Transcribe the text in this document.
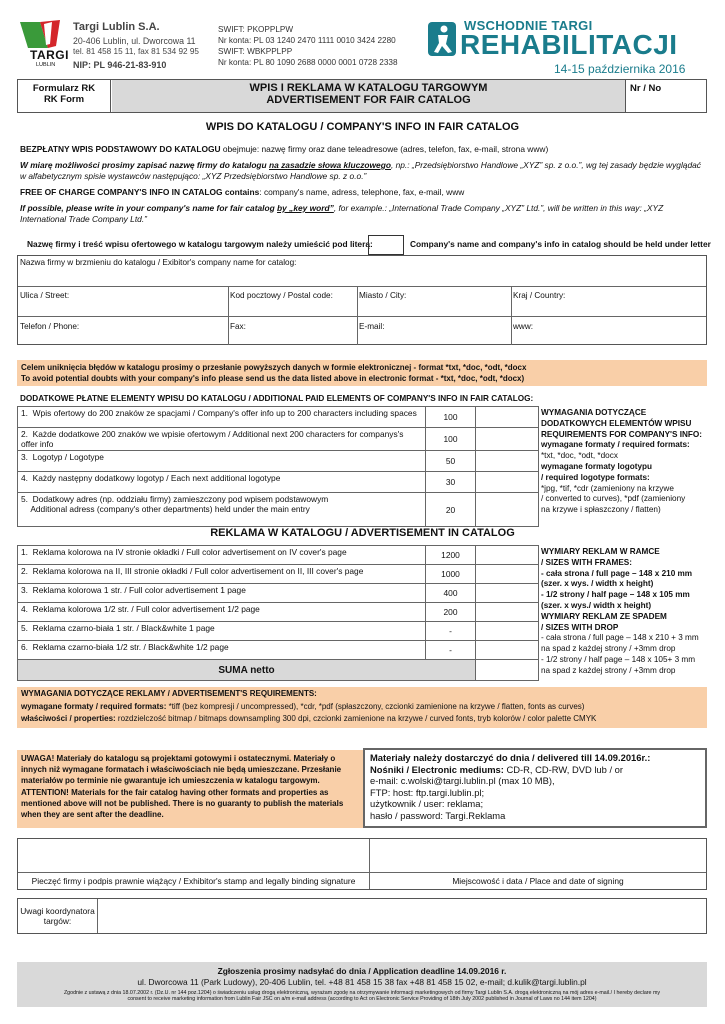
TARGI
LUBLIN
Targi Lublin S.A.
20-406 Lublin, ul. Dworcowa 11
tel. 81 458 15 11, fax 81 534 92 95
NIP: PL 946-21-83-910
SWIFT: PKOPPLPW
Nr konta: PL 03 1240 2470 1111 0010 3424 2280
SWIFT: WBKPPLPP
Nr konta: PL 80 1090 2688 0000 0001 0728 2338
WSCHODNIE TARGI
REHABILITACJI
14-15 października 2016
Formularz RK
RK Form
WPIS I REKLAMA W KATALOGU TARGOWYM
ADVERTISEMENT FOR FAIR CATALOG
Nr / No
WPIS DO KATALOGU / COMPANY'S INFO IN FAIR CATALOG

BEZPŁATNY WPIS PODSTAWOWY DO KATALOGU obejmuje: nazwę firmy oraz dane teleadresowe (adres, telefon, fax, e-mail, strona www)

W miarę możliwości prosimy zapisać nazwę firmy do katalogu na zasadzie słowa kluczowego, np.: „Przedsiębiorstwo Handlowe „XYZ” sp. z o.o.”, wg tej zasady będzie wyglądać w alfabetycznym spisie wystawców następująco: „XYZ Przedsiębiorstwo Handlowe sp. z o.o.”

FREE OF CHARGE COMPANY'S INFO IN CATALOG contains: company's name, adress, telephone, fax, e-mail, www

If possible, please write in your company's name for fair catalog by „key word”, for example.: „International Trade Company „XYZ” Ltd.”, will be written in this way: „XYZ International Trade Company Ltd.”

Nazwę firmy i treść wpisu ofertowego w katalogu targowym należy umieścić pod literą:	Company's name and company's info in catalog should be held under letter
Nazwa firmy w brzmieniu do katalogu / Exibitor's company name for catalog:
Ulica / Street:	Kod pocztowy / Postal code:	Miasto / City:	Kraj / Country:
Telefon / Phone:	Fax:	E-mail:	www:
Celem uniknięcia błędów w katalogu prosimy o przesłanie powyższych danych w formie elektronicznej - format *txt, *doc, *odt, *docx
To avoid potential doubts with your company's info please send us the data listed above in electronic format - *txt, *doc, *odt, *docx)
DODATKOWE PŁATNE ELEMENTY WPISU DO KATALOGU / ADDITIONAL PAID ELEMENTS OF COMPANY'S INFO IN FAIR CATALOG:
1. Wpis ofertowy do 200 znaków ze spacjami / Company's offer info up to 200 characters including spaces	100	
2. Każde dodatkowe 200 znaków we wpisie ofertowym / Additional next 200 characters for companys's offer info	100	
3. Logotyp / Logotype	50	
4. Każdy następny dodatkowy logotyp / Each next additional logotype	30	
5. Dodatkowy adres (np. oddziału firmy) zamieszczony pod wpisem podstawowym
Additional adress (company's other departments) held under the main entry	20	
WYMAGANIA DOTYCZĄCE
DODATKOWYCH ELEMENTÓW WPISU
REQUIREMENTS FOR COMPANY'S INFO:
wymagane formaty / required formats:
*txt, *doc, *odt, *docx
wymagane formaty logotypu
/ required logotype formats:
*jpg, *tif, *cdr (zamieniony na krzywe
/ converted to curves), *pdf (zamieniony
na krzywe i spłaszczony / flatten)
REKLAMA W KATALOGU / ADVERTISEMENT IN CATALOG
1. Reklama kolorowa na IV stronie okładki / Full color advertisement on IV cover's page	1200	
2. Reklama kolorowa na II, III stronie okładki / Full color advertisement on II, III cover's page	1000	
3. Reklama kolorowa 1 str. / Full color advertisement 1 page	400	
4. Reklama kolorowa 1/2 str. / Full color advertisement 1/2 page	200	
5. Reklama czarno-biała 1 str. / Black&white 1 page	-	
6. Reklama czarno-biała 1/2 str. / Black&white 1/2 page	-	
SUMA netto		
WYMIARY REKLAM W RAMCE
/ SIZES WITH FRAMES:
- cała strona / full page – 148 x 210 mm
(szer. x wys. / width x height)
- 1/2 strony / half page – 148 x 105 mm
(szer. x wys./ width x height)
WYMIARY REKLAM ZE SPADEM
/ SIZES WITH DROP
- cała strona / full page – 148 x 210 + 3 mm
na spad z każdej strony / +3mm drop
- 1/2 strony / half page – 148 x 105+ 3 mm
na spad z każdej strony / +3mm drop
WYMAGANIA DOTYCZĄCE REKLAMY / ADVERTISEMENT'S REQUIREMENTS:
wymagane formaty / required formats: *tiff (bez kompresji / uncompressed), *cdr, *pdf (spłaszczony, czcionki zamienione na krzywe / flatten, fonts as curves)
właściwości / properties: rozdzielczość bitmap / bitmaps downsampling 300 dpi, czcionki zamienione na krzywe / curved fonts, tryb kolorów / color palette CMYK
UWAGA! Materiały do katalogu są projektami gotowymi i ostatecznymi. Materiały o innych niż wymagane formatach i właściwościach nie będą umieszczane. Przesłanie materiałów po terminie nie gwarantuje ich umieszczenia w katalogu targowym.
ATTENTION! Materials for the fair catalog having other formats and properties as mentioned above will not be published. There is no guaranty to publish the materials when they are sent after the deadline.
Materiały należy dostarczyć do dnia / delivered till 14.09.2016r.:
Nośniki / Electronic mediums: CD-R, CD-RW, DVD lub / or
e-mail: c.wolski@targi.lublin.pl (max 10 MB),
FTP: host: ftp.targi.lublin.pl;
użytkownik / user: reklama;
hasło / password: Targi.Reklama
Pieczęć firmy i podpis prawnie wiążący / Exhibitor's stamp and legally binding signature	Miejscowość i data / Place and date of signing
Uwagi koordynatora targów:
Zgłoszenia prosimy nadsyłać do dnia / Application deadline 14.09.2016 r.
ul. Dworcowa 11 (Park Ludowy), 20-406 Lublin, tel. +48 81 458 15 38 fax +48 81 458 15 02, e-mail; d.kulik@targi.lublin.pl
Zgodnie z ustawą z dnia 18.07.2002 r. (Dz.U. nr 144 poz.1204) o świadczeniu usług drogą elektroniczną, wyrażam zgodę na otrzymywanie informacji marketingowych od firmy Targi Lublin S.A. drogą elektroniczną na mój adres e-mail./ I hereby declare my
consent to receive marketing information from Lublin Fair JSC on a/m e-mail address (according to Act on Electronic Service Providing of 18th July 2002 published in Journal of Laws no 144 item 1204)
